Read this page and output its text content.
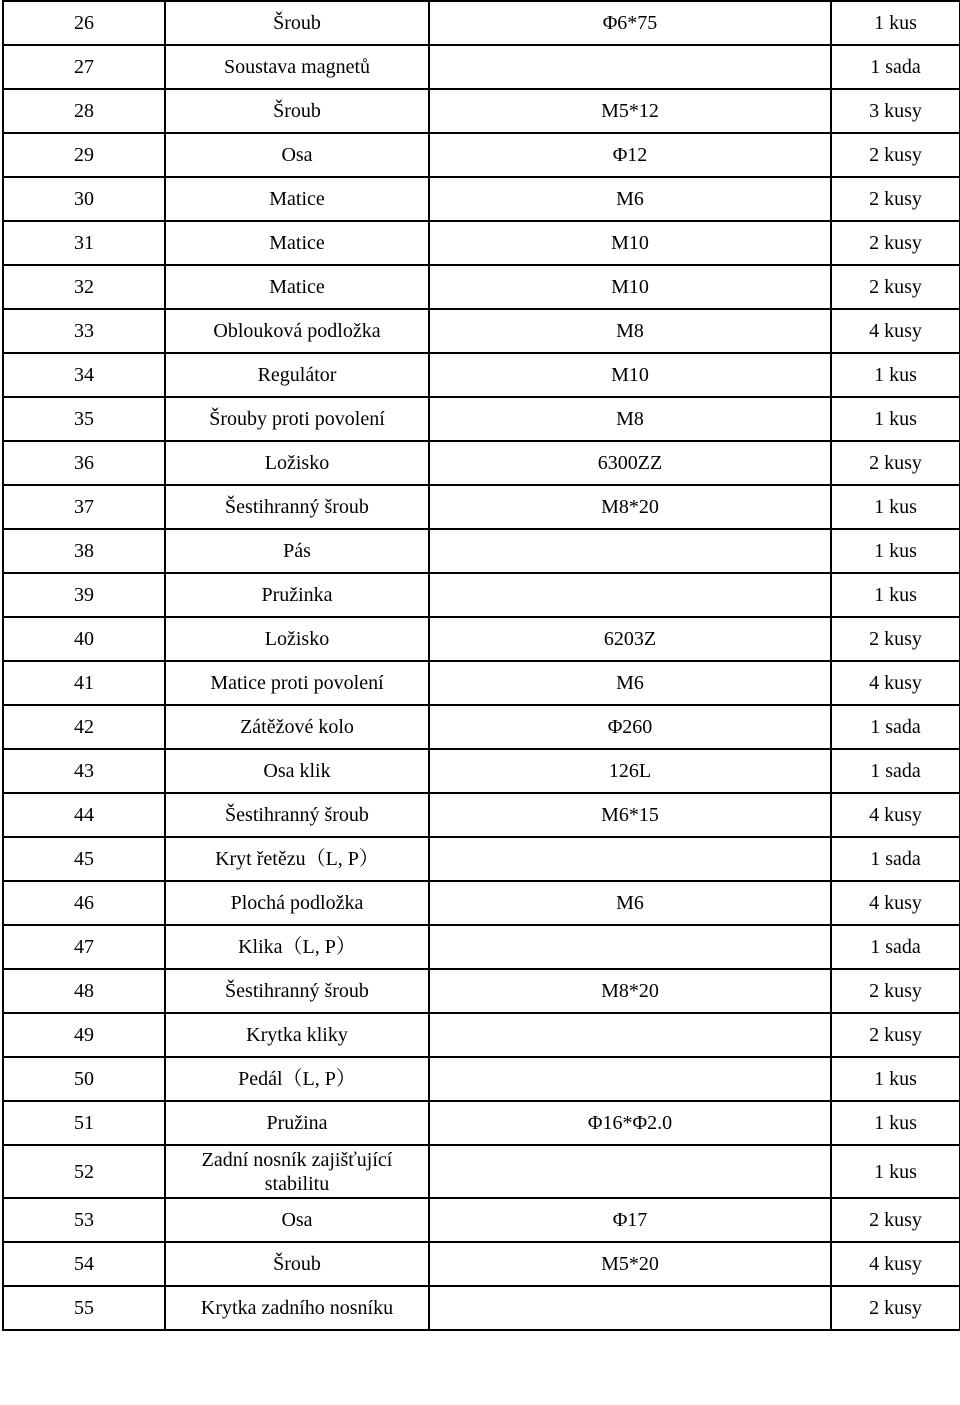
26	Šroub	Φ6*75	1 kus
27	Soustava magnetů		1 sada
28	Šroub	M5*12	3 kusy
29	Osa	Φ12	2 kusy
30	Matice	M6	2 kusy
31	Matice	M10	2 kusy
32	Matice	M10	2 kusy
33	Oblouková podložka	M8	4 kusy
34	Regulátor	M10	1 kus
35	Šrouby proti povolení	M8	1 kus
36	Ložisko	6300ZZ	2 kusy
37	Šestihranný šroub	M8*20	1 kus
38	Pás		1 kus
39	Pružinka		1 kus
40	Ložisko	6203Z	2 kusy
41	Matice proti povolení	M6	4 kusy
42	Zátěžové kolo	Φ260	1 sada
43	Osa klik	126L	1 sada
44	Šestihranný šroub	M6*15	4 kusy
45	Kryt řetězu（L, P）		1 sada
46	Plochá podložka	M6	4 kusy
47	Klika（L, P）		1 sada
48	Šestihranný šroub	M8*20	2 kusy
49	Krytka kliky		2 kusy
50	Pedál（L, P）		1 kus
51	Pružina	Φ16*Φ2.0	1 kus
52	Zadní nosník zajišťující stabilitu		1 kus
53	Osa	Φ17	2 kusy
54	Šroub	M5*20	4 kusy
55	Krytka zadního nosníku		2 kusy
